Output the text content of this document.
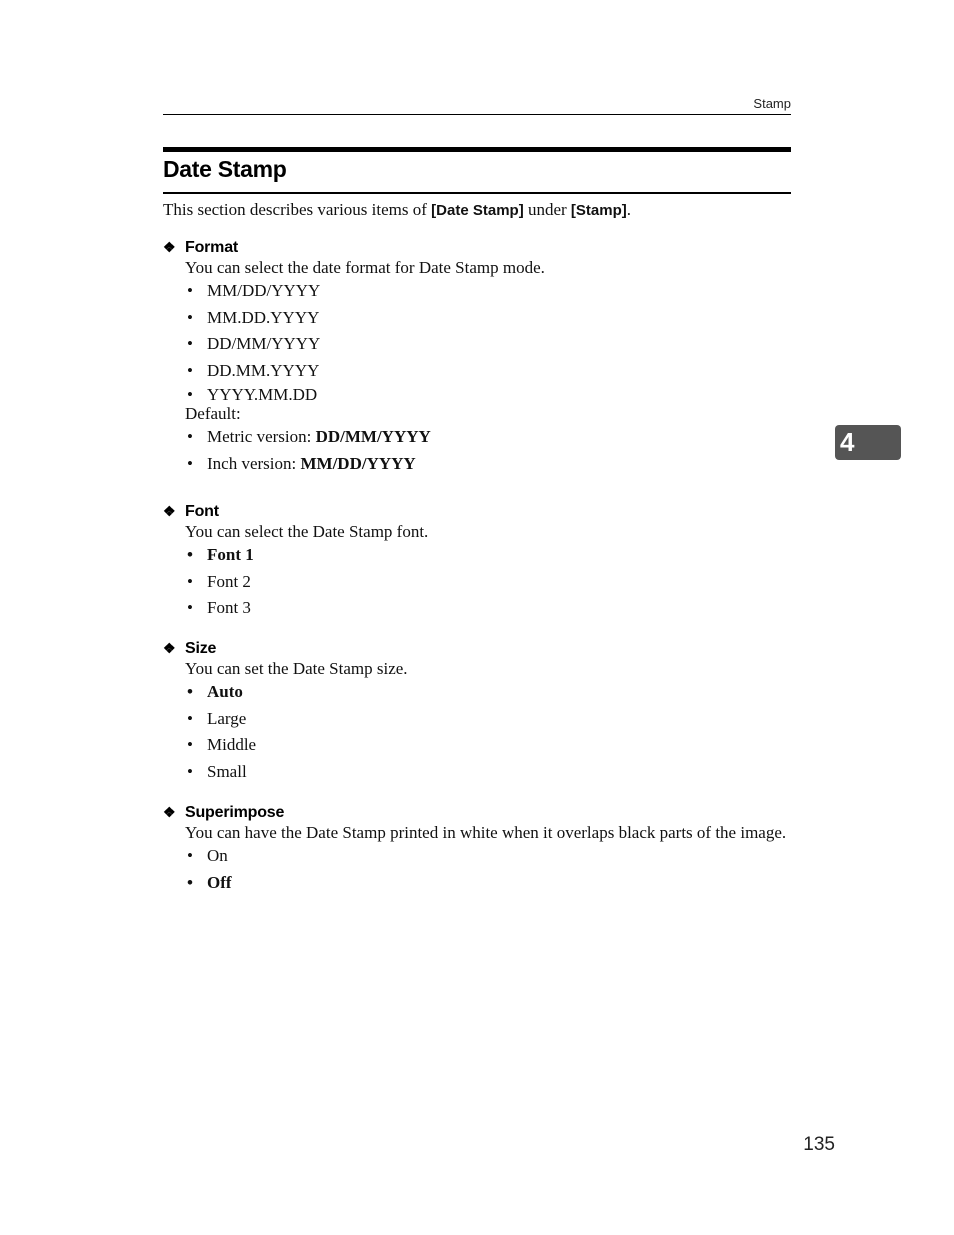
Stamp
Date Stamp

This section describes various items of [Date Stamp] under [Stamp].

❖ Format
You can select the date format for Date Stamp mode.
• MM/DD/YYYY
• MM.DD.YYYY
• DD/MM/YYYY
• DD.MM.YYYY
• YYYY.MM.DD
Default:
• Metric version: DD/MM/YYYY
• Inch version: MM/DD/YYYY
❖ Font
You can select the Date Stamp font.
• Font 1
• Font 2
• Font 3
❖ Size
You can set the Date Stamp size.
• Auto
• Large
• Middle
• Small
❖ Superimpose
You can have the Date Stamp printed in white when it overlaps black parts of the image.
• On
• Off
4
135
